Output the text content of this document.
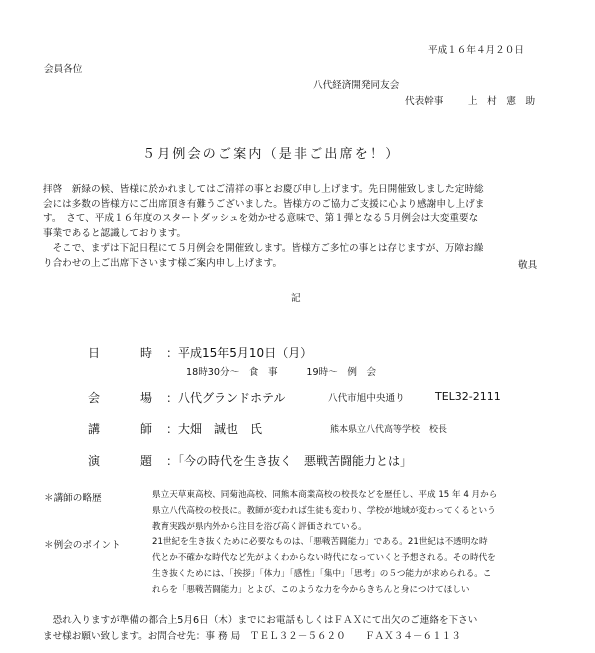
平成１６年４月２０日
会員各位
八代経済開発同友会
代表幹事	上　村　憲　助
５月例会のご案内（是非ご出席を！）
拝啓　新緑の候、皆様に於かれましてはご清祥の事とお慶び申し上げます。先日開催致しました定時総
会には多数の皆様方にご出席頂き有難うございました。皆様方のご協力ご支援に心より感謝申し上げま
す。　さて、平成１６年度のスタートダッシュを効かせる意味で、第１弾となる５月例会は大変重要な
事業であると認識しております。
　そこで、まずは下記日程にて５月例会を開催致します。皆様方ご多忙の事とは存じますが、万障お繰
り合わせの上ご出席下さいます様ご案内申し上げます。	敬具
記
日　時：平成15年5月10日（月）
18時30分～　食　事　　　19時～　例　会
会　場：八代グランドホテル	八代市旭中央通り	TEL32-2111
講　師：大畑　誠也　氏	熊本県立八代高等学校　校長
演　題：「今の時代を生き抜く　悪戦苦闘能力とは」
＊講師の略歴	県立天草東高校、同菊池高校、同熊本商業高校の校長などを歴任し、平成 15 年 4 月から
県立八代高校の校長に。教師が変われば生徒も変わり、学校が地域が変わってくるという
教育実践が県内外から注目を浴び高く評価されている。
＊例会のポイント	21世紀を生き抜くために必要なものは、「悪戦苦闘能力」である。21世紀は不透明な時
代とか不確かな時代など先がよくわからない時代になっていくと予想される。その時代を
生き抜くためには、「挨拶」「体力」「感性」「集中」「思考」の５つ能力が求められる。こ
れらを「悪戦苦闘能力」とよび、このような力を今からきちんと身につけてほしい
　恐れ入りますが準備の都合上5月6日（木）までにお電話もしくはＦＡＸにて出欠のご連絡を下さい
ませ様お願い致します。お問合せ先：事 務 局　ＴＥＬ３２－５６２０　　ＦＡＸ３４－６１１３
